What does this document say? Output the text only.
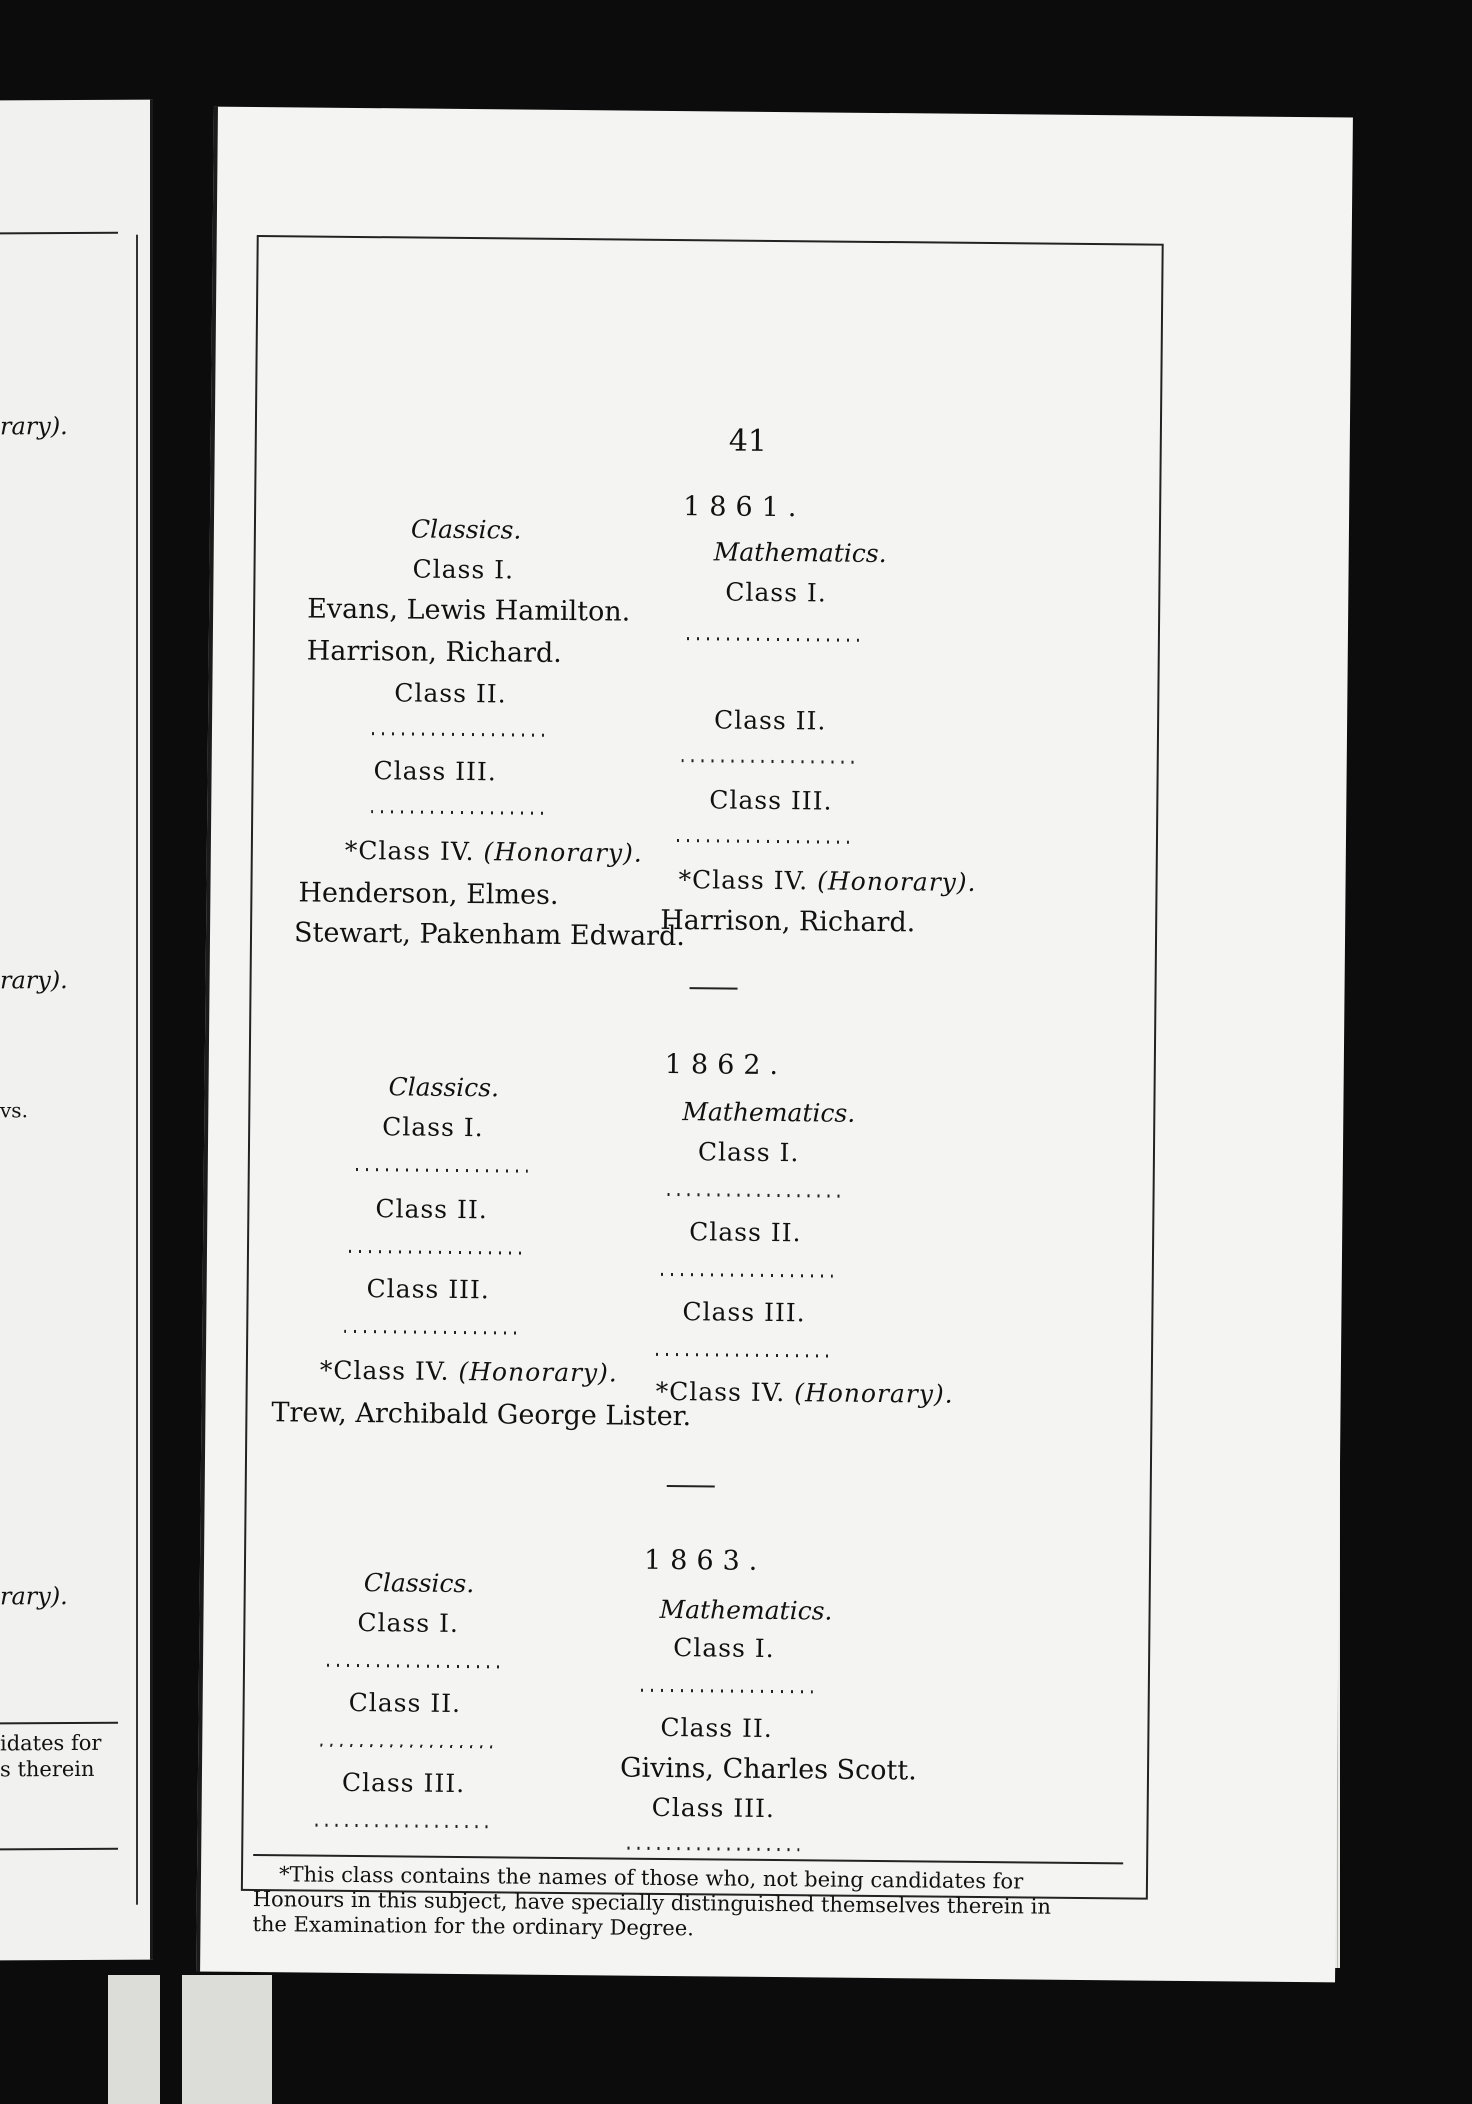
rary).
rary).
vs.
rary).
idates for
s therein
41
1861.
Classics.
Class I.
Evans, Lewis Hamilton.
Harrison, Richard.
Class II.
Class III.
*Class IV. (Honorary).
Henderson, Elmes.
Stewart, Pakenham Edward.
Mathematics.
Class I.
Class II.
Class III.
*Class IV. (Honorary).
Harrison, Richard.
1862.
Classics.
Class I.
Class II.
Class III.
*Class IV. (Honorary).
Trew, Archibald George Lister.
Mathematics.
Class I.
Class II.
Class III.
*Class IV. (Honorary).
1863.
Classics.
Class I.
Class II.
Class III.
Mathematics.
Class I.
Class II.
Givins, Charles Scott.
Class III.
*This class contains the names of those who, not being candidates for
Honours in this subject, have specially distinguished themselves therein in
the Examination for the ordinary Degree.
